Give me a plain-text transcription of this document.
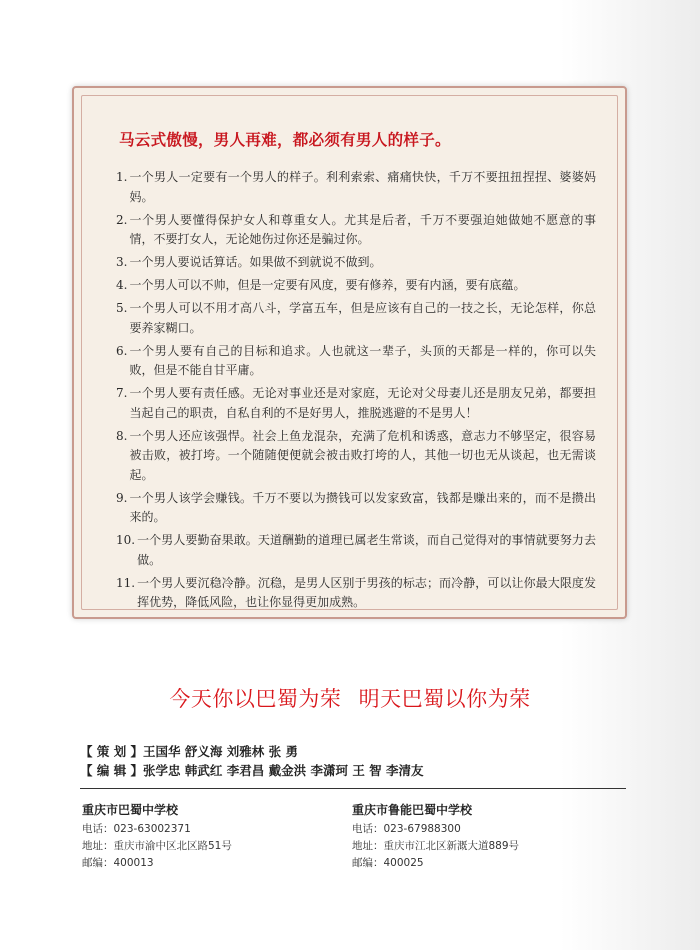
马云式傲慢，男人再难，都必须有男人的样子。
1. 一个男人一定要有一个男人的样子。利利索索、痛痛快快，千万不要扭扭捏捏、婆婆妈妈。
2. 一个男人要懂得保护女人和尊重女人。尤其是后者，千万不要强迫她做她不愿意的事情，不要打女人，无论她伤过你还是骗过你。
3. 一个男人要说话算话。如果做不到就说不做到。
4. 一个男人可以不帅，但是一定要有风度，要有修养，要有内涵，要有底蕴。
5. 一个男人可以不用才高八斗，学富五车，但是应该有自己的一技之长，无论怎样，你总要养家糊口。
6. 一个男人要有自己的目标和追求。人也就这一辈子，头顶的天都是一样的，你可以失败，但是不能自甘平庸。
7. 一个男人要有责任感。无论对事业还是对家庭，无论对父母妻儿还是朋友兄弟，都要担当起自己的职责，自私自利的不是好男人，推脱逃避的不是男人！
8. 一个男人还应该强悍。社会上鱼龙混杂，充满了危机和诱惑，意志力不够坚定，很容易被击败，被打垮。一个随随便便就会被击败打垮的人，其他一切也无从谈起，也无需谈起。
9. 一个男人该学会赚钱。千万不要以为攒钱可以发家致富，钱都是赚出来的，而不是攒出来的。
10. 一个男人要勤奋果敢。天道酬勤的道理已属老生常谈，而自己觉得对的事情就要努力去做。
11. 一个男人要沉稳冷静。沉稳，是男人区别于男孩的标志；而冷静，可以让你最大限度发挥优势，降低风险，也让你显得更加成熟。
今天你以巴蜀为荣 明天巴蜀以你为荣
【 策 划 】王国华 舒义海 刘雅林 张 勇
【 编 辑 】张学忠 韩武红 李君昌 戴金洪 李潇珂 王 智 李清友
重庆市巴蜀中学校
电话：023-63002371
地址：重庆市渝中区北区路51号
邮编：400013
重庆市鲁能巴蜀中学校
电话：023-67988300
地址：重庆市江北区新溉大道889号
邮编：400025
